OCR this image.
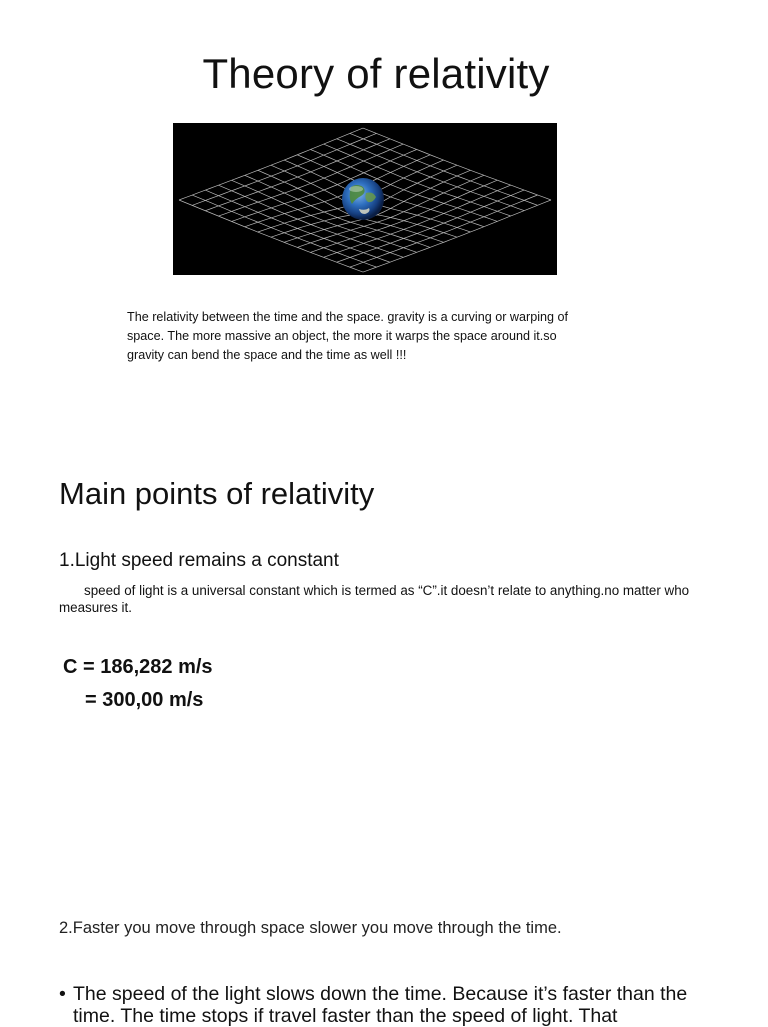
Theory of relativity
The relativity between the time and the space. gravity is a curving or warping of space. The more massive an object, the more it warps the space around it.so gravity can bend the space and the time as well !!!
Main points of relativity
1.Light speed remains a constant
speed of light is a universal constant which is termed as “C”.it doesn’t relate to anything.no matter who measures it.
C = 186,282 m/s
= 300,00 m/s
2.Faster you move through space slower you move through the time.
• The speed of the light slows down the time. Because it’s faster than the time. The time stops if travel faster than the speed of light. That
